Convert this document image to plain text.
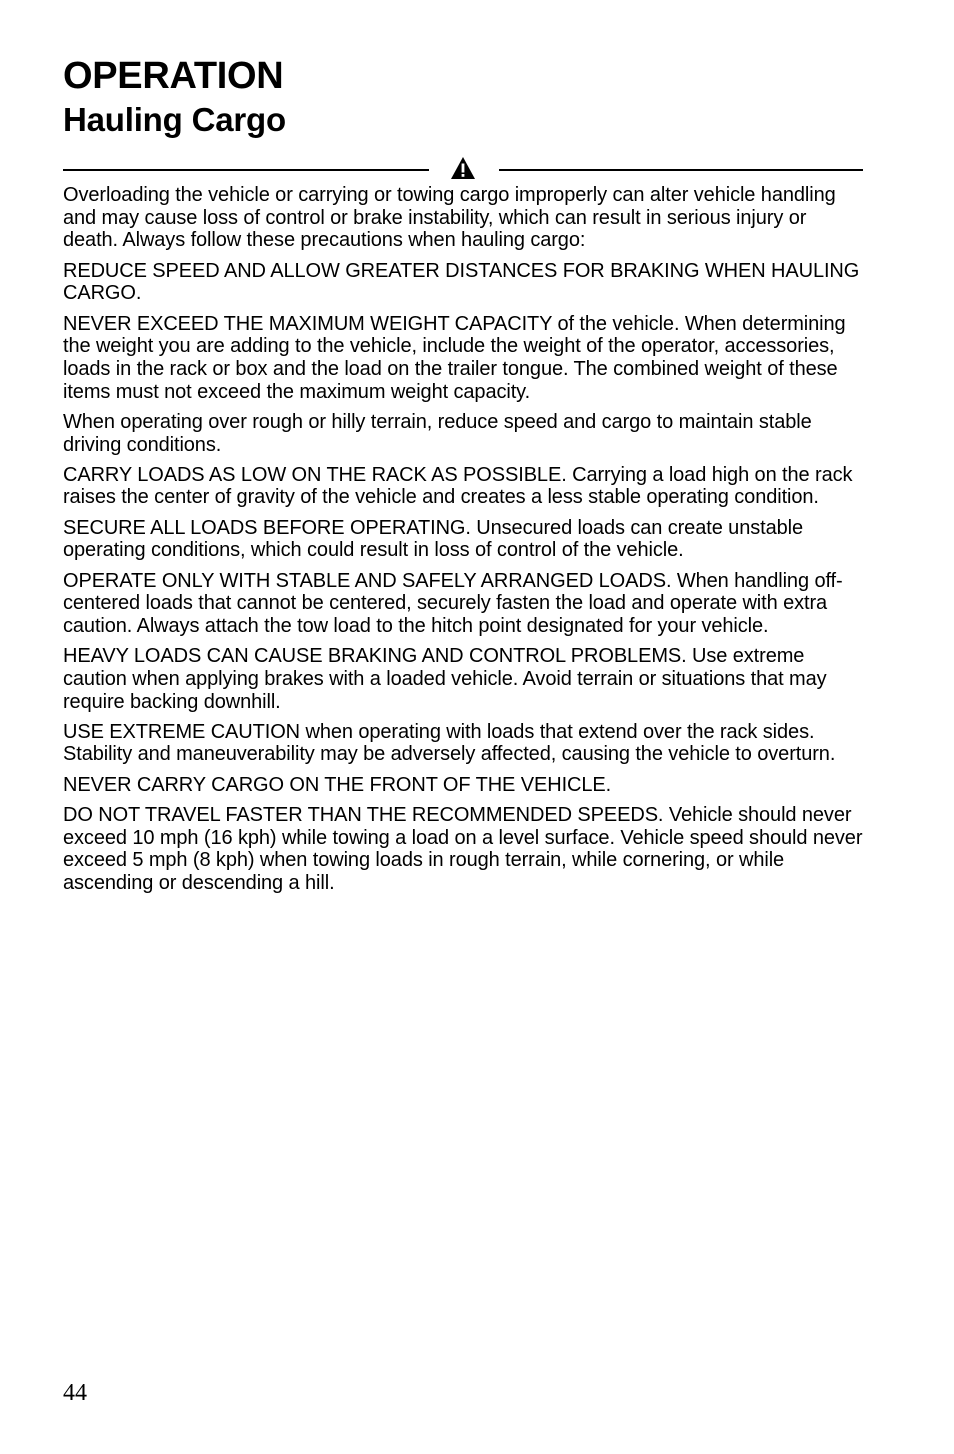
OPERATION
Hauling Cargo

Overloading the vehicle or carrying or towing cargo improperly can alter vehicle handling and may cause loss of control or brake instability, which can result in serious injury or death. Always follow these precautions when hauling cargo:

REDUCE SPEED AND ALLOW GREATER DISTANCES FOR BRAKING WHEN HAULING CARGO.

NEVER EXCEED THE MAXIMUM WEIGHT CAPACITY of the vehicle. When determining the weight you are adding to the vehicle, include the weight of the operator, accessories, loads in the rack or box and the load on the trailer tongue. The combined weight of these items must not exceed the maximum weight capacity.

When operating over rough or hilly terrain, reduce speed and cargo to maintain stable driving conditions.

CARRY LOADS AS LOW ON THE RACK AS POSSIBLE. Carrying a load high on the rack raises the center of gravity of the vehicle and creates a less stable operating condition.

SECURE ALL LOADS BEFORE OPERATING. Unsecured loads can create unstable operating conditions, which could result in loss of control of the vehicle.

OPERATE ONLY WITH STABLE AND SAFELY ARRANGED LOADS. When handling off-centered loads that cannot be centered, securely fasten the load and operate with extra caution. Always attach the tow load to the hitch point designated for your vehicle.

HEAVY LOADS CAN CAUSE BRAKING AND CONTROL PROBLEMS. Use extreme caution when applying brakes with a loaded vehicle. Avoid terrain or situations that may require backing downhill.

USE EXTREME CAUTION when operating with loads that extend over the rack sides. Stability and maneuverability may be adversely affected, causing the vehicle to overturn.

NEVER CARRY CARGO ON THE FRONT OF THE VEHICLE.

DO NOT TRAVEL FASTER THAN THE RECOMMENDED SPEEDS. Vehicle should never exceed 10 mph (16 kph) while towing a load on a level surface. Vehicle speed should never exceed 5 mph (8 kph) when towing loads in rough terrain, while cornering, or while ascending or descending a hill.

44
